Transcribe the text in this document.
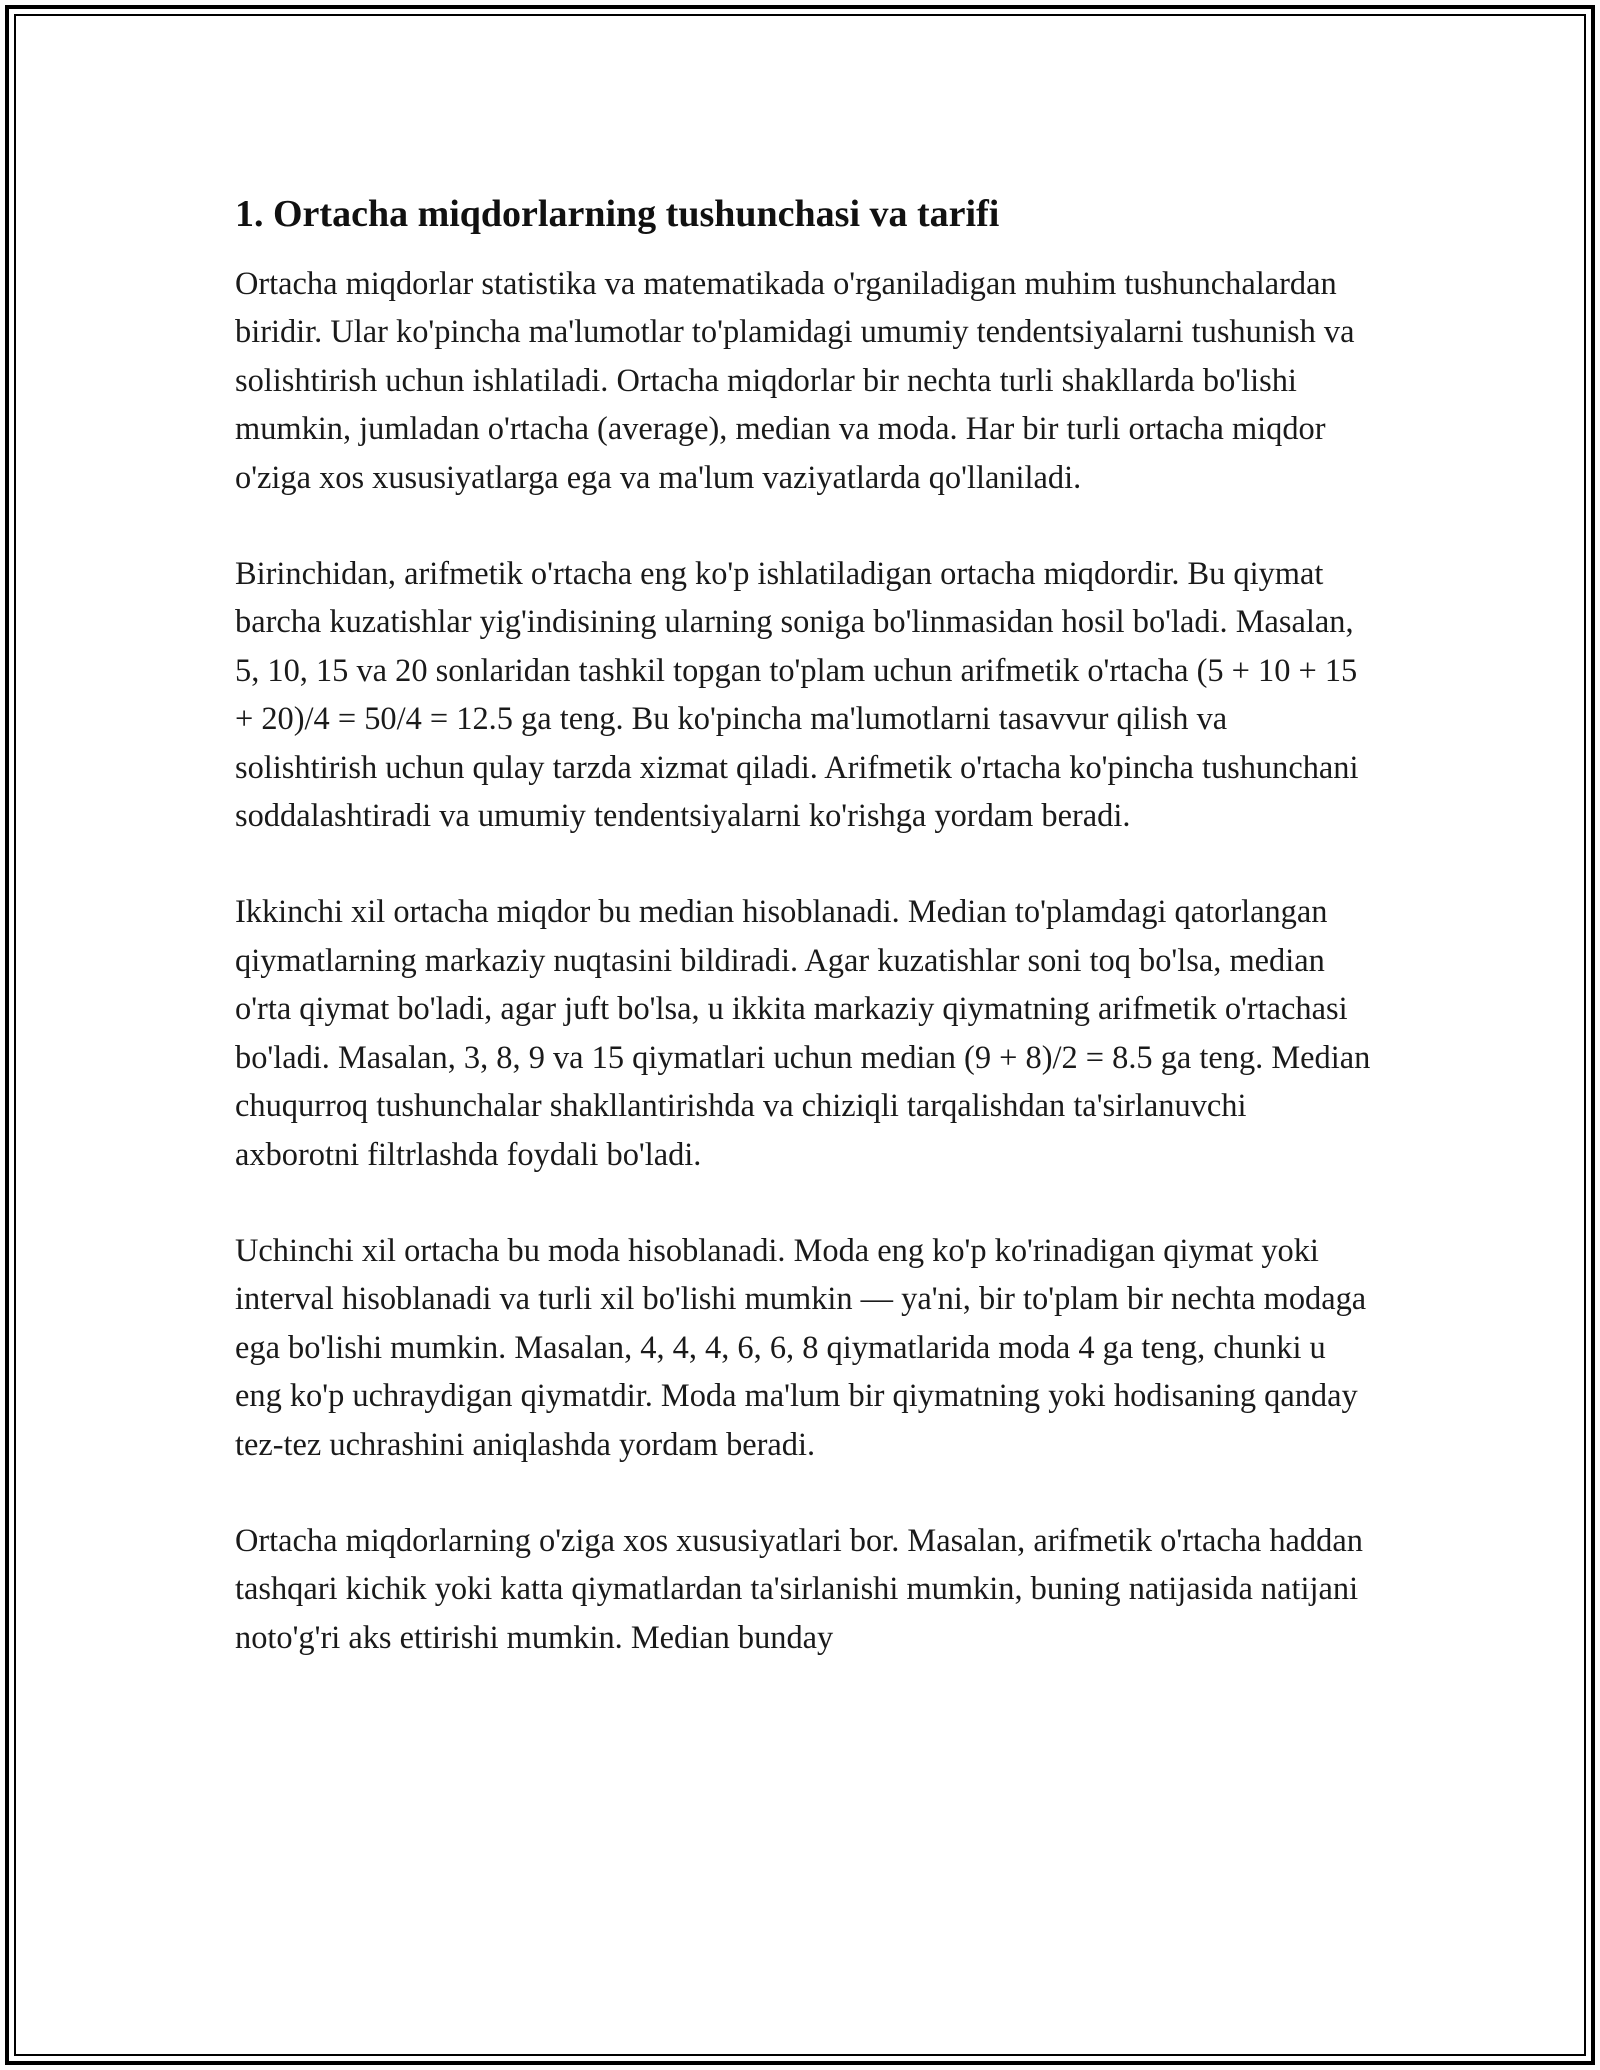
1. Ortacha miqdorlarning tushunchasi va tarifi

Ortacha miqdorlar statistika va matematikada o'rganiladigan muhim tushunchalardan biridir. Ular ko'pincha ma'lumotlar to'plamidagi umumiy tendentsiyalarni tushunish va solishtirish uchun ishlatiladi. Ortacha miqdorlar bir nechta turli shakllarda bo'lishi mumkin, jumladan o'rtacha (average), median va moda. Har bir turli ortacha miqdor o'ziga xos xususiyatlarga ega va ma'lum vaziyatlarda qo'llaniladi.

Birinchidan, arifmetik o'rtacha eng ko'p ishlatiladigan ortacha miqdordir. Bu qiymat barcha kuzatishlar yig'indisining ularning soniga bo'linmasidan hosil bo'ladi. Masalan, 5, 10, 15 va 20 sonlaridan tashkil topgan to'plam uchun arifmetik o'rtacha (5 + 10 + 15 + 20)/4 = 50/4 = 12.5 ga teng. Bu ko'pincha ma'lumotlarni tasavvur qilish va solishtirish uchun qulay tarzda xizmat qiladi. Arifmetik o'rtacha ko'pincha tushunchani soddalashtiradi va umumiy tendentsiyalarni ko'rishga yordam beradi.

Ikkinchi xil ortacha miqdor bu median hisoblanadi. Median to'plamdagi qatorlangan qiymatlarning markaziy nuqtasini bildiradi. Agar kuzatishlar soni toq bo'lsa, median o'rta qiymat bo'ladi, agar juft bo'lsa, u ikkita markaziy qiymatning arifmetik o'rtachasi bo'ladi. Masalan, 3, 8, 9 va 15 qiymatlari uchun median (9 + 8)/2 = 8.5 ga teng. Median chuqurroq tushunchalar shakllantirishda va chiziqli tarqalishdan ta'sirlanuvchi axborotni filtrlashda foydali bo'ladi.

Uchinchi xil ortacha bu moda hisoblanadi. Moda eng ko'p ko'rinadigan qiymat yoki interval hisoblanadi va turli xil bo'lishi mumkin — ya'ni, bir to'plam bir nechta modaga ega bo'lishi mumkin. Masalan, 4, 4, 4, 6, 6, 8 qiymatlarida moda 4 ga teng, chunki u eng ko'p uchraydigan qiymatdir. Moda ma'lum bir qiymatning yoki hodisaning qanday tez-tez uchrashini aniqlashda yordam beradi.

Ortacha miqdorlarning o'ziga xos xususiyatlari bor. Masalan, arifmetik o'rtacha haddan tashqari kichik yoki katta qiymatlardan ta'sirlanishi mumkin, buning natijasida natijani noto'g'ri aks ettirishi mumkin. Median bunday
